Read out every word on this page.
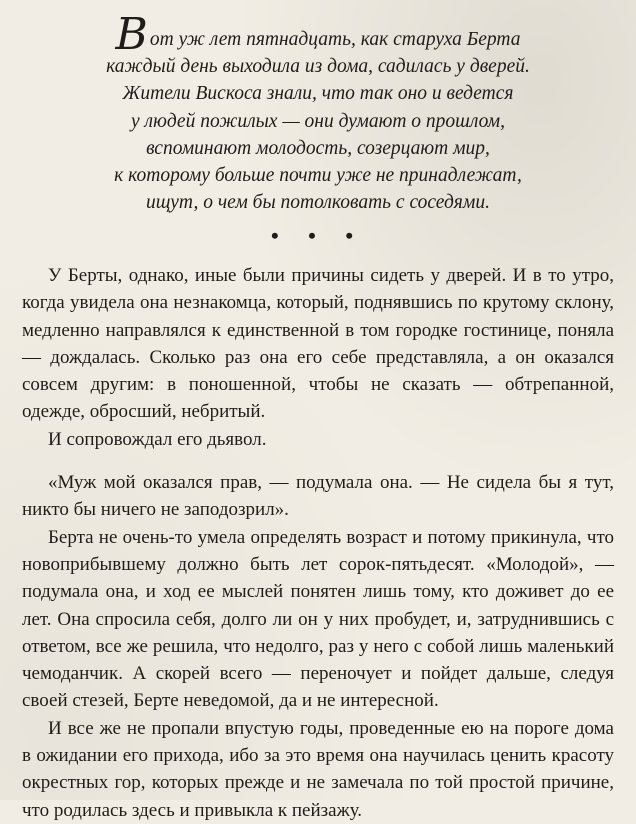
Вот уж лет пятнадцать, как старуха Берта

каждый день выходила из дома, садилась у дверей.

Жители Вискоса знали, что так оно и ведется

у людей пожилых — они думают о прошлом,

вспоминают молодость, созерцают мир,

к которому больше почти уже не принадлежат,

ищут, о чем бы потолковать с соседями.

• • •

У Берты, однако, иные были причины сидеть у дверей. И в то утро, когда увидела она незнакомца, который, поднявшись по крутому склону, медленно направлялся к единственной в том городке гостинице, поняла — дождалась. Сколько раз она его себе представляла, а он оказался совсем другим: в поношенной, чтобы не сказать — обтрепанной, одежде, обросший, небритый.

И сопровождал его дьявол.

«Муж мой оказался прав, — подумала она. — Не сидела бы я тут, никто бы ничего не заподозрил».

Берта не очень-то умела определять возраст и потому прикинула, что новоприбывшему должно быть лет сорок-пятьдесят. «Молодой», — подумала она, и ход ее мыслей понятен лишь тому, кто доживет до ее лет. Она спросила себя, долго ли он у них пробудет, и, затруднившись с ответом, все же решила, что недолго, раз у него с собой лишь маленький чемоданчик. А скорей всего — переночует и пойдет дальше, следуя своей стезей, Берте неведомой, да и не интересной.

И все же не пропали впустую годы, проведенные ею на пороге дома в ожидании его прихода, ибо за это время она научилась ценить красоту окрестных гор, которых прежде и не замечала по той простой причине, что родилась здесь и привыкла к пейзажу.
